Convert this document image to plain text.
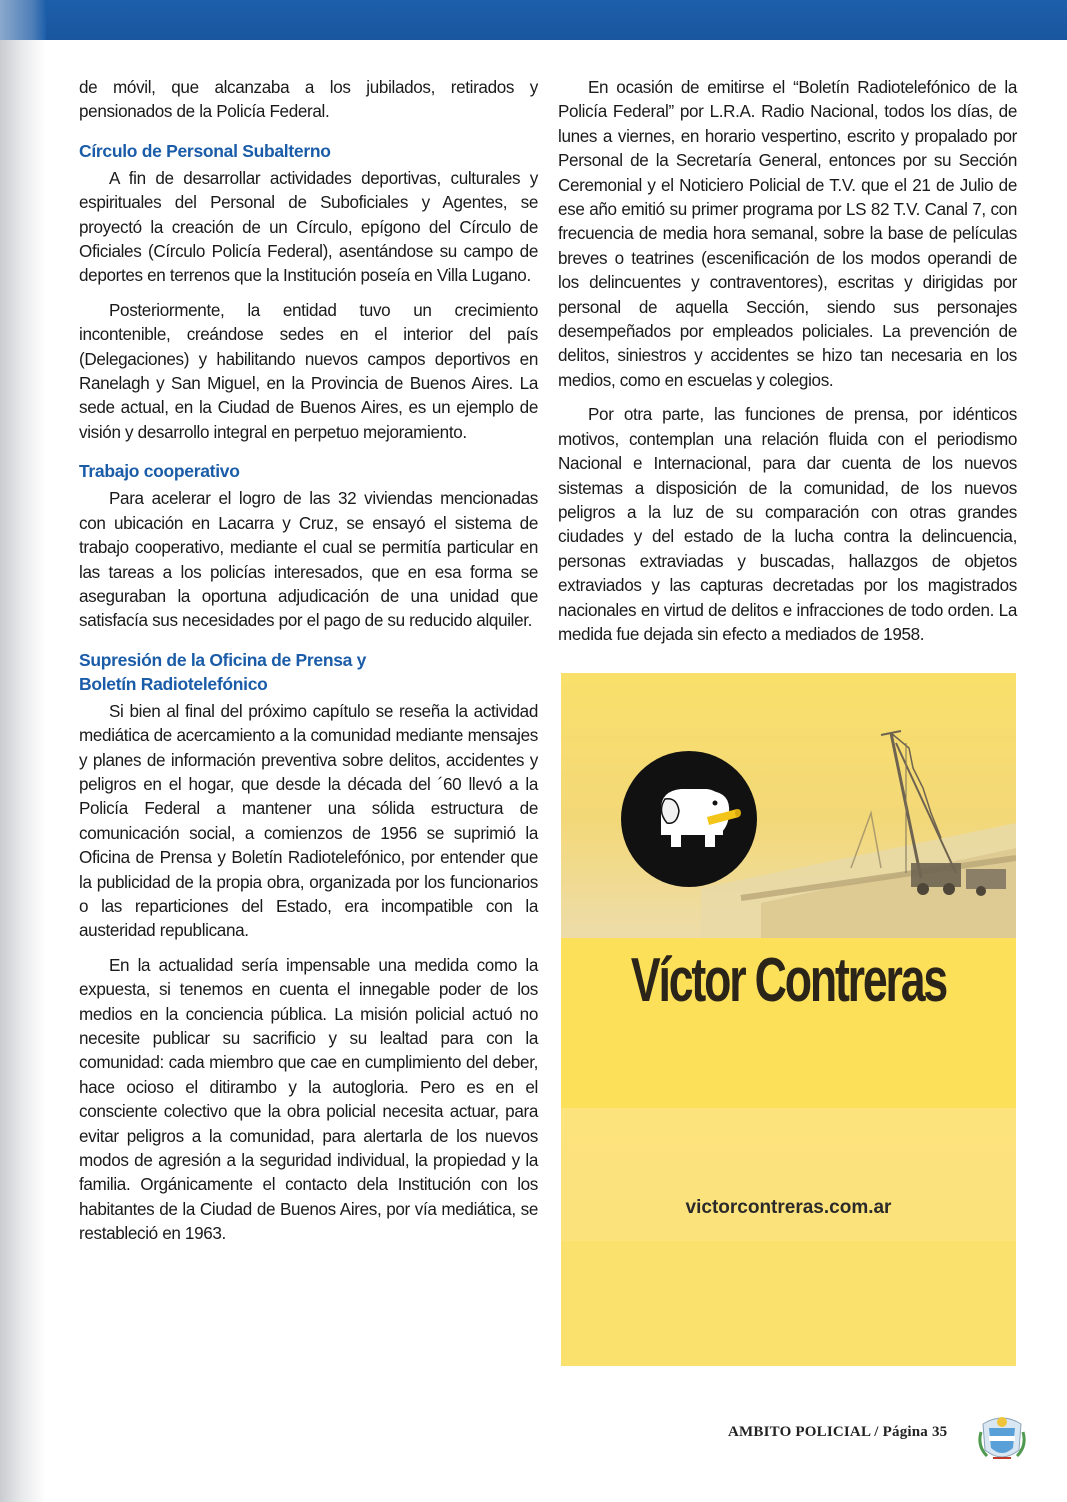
de móvil, que alcanzaba a los jubilados, retirados y pensionados de la Policía Federal.

Círculo de Personal Subalterno

A fin de desarrollar actividades deportivas, culturales y espirituales del Personal de Suboficiales y Agentes, se proyectó la creación de un Círculo, epígono del Círculo de Oficiales (Círculo Policía Federal), asentándose su campo de deportes en terrenos que la Institución poseía en Villa Lugano.

Posteriormente, la entidad tuvo un crecimiento incontenible, creándose sedes en el interior del país (Delegaciones) y habilitando nuevos campos deportivos en Ranelagh y San Miguel, en la Provincia de Buenos Aires. La sede actual, en la Ciudad de Buenos Aires, es un ejemplo de visión y desarrollo integral en perpetuo mejoramiento.

Trabajo cooperativo

Para acelerar el logro de las 32 viviendas mencionadas con ubicación en Lacarra y Cruz, se ensayó el sistema de trabajo cooperativo, mediante el cual se permitía particular en las tareas a los policías interesados, que en esa forma se aseguraban la oportuna adjudicación de una unidad que satisfacía sus necesidades por el pago de su reducido alquiler.

Supresión de la Oficina de Prensa y
Boletín Radiotelefónico

Si bien al final del próximo capítulo se reseña la actividad mediática de acercamiento a la comunidad mediante mensajes y planes de información preventiva sobre delitos, accidentes y peligros en el hogar, que desde la década del ´60 llevó a la Policía Federal a mantener una sólida estructura de comunicación social, a comienzos de 1956 se suprimió la Oficina de Prensa y Boletín Radiotelefónico, por entender que la publicidad de la propia obra, organizada por los funcionarios o las reparticiones del Estado, era incompatible con la austeridad republicana.

En la actualidad sería impensable una medida como la expuesta, si tenemos en cuenta el innegable poder de los medios en la conciencia pública. La misión policial actuó no necesite publicar su sacrificio y su lealtad para con la comunidad: cada miembro que cae en cumplimiento del deber, hace ocioso el ditirambo y la autogloria. Pero es en el consciente colectivo que la obra policial necesita actuar, para evitar peligros a la comunidad, para alertarla de los nuevos modos de agresión a la seguridad individual, la propiedad y la familia. Orgánicamente el contacto dela Institución con los habitantes de la Ciudad de Buenos Aires, por vía mediática, se restableció en 1963.

En ocasión de emitirse el “Boletín Radiotelefónico de la Policía Federal” por L.R.A. Radio Nacional, todos los días, de lunes a viernes, en horario vespertino, escrito y propalado por Personal de la Secretaría General, entonces por su Sección Ceremonial y el Noticiero Policial de T.V. que el 21 de Julio de ese año emitió su primer programa por LS 82 T.V. Canal 7, con frecuencia de media hora semanal, sobre la base de películas breves o teatrines (escenificación de los modos operandi de los delincuentes y contraventores), escritas y dirigidas por personal de aquella Sección, siendo sus personajes desempeñados por empleados policiales. La prevención de delitos, siniestros y accidentes se hizo tan necesaria en los medios, como en escuelas y colegios.

Por otra parte, las funciones de prensa, por idénticos motivos, contemplan una relación fluida con el periodismo Nacional e Internacional, para dar cuenta de los nuevos sistemas a disposición de la comunidad, de los nuevos peligros a la luz de su comparación con otras grandes ciudades y del estado de la lucha contra la delincuencia, personas extraviadas y buscadas, hallazgos de objetos extraviados y las capturas decretadas por los magistrados nacionales en virtud de delitos e infracciones de todo orden. La medida fue dejada sin efecto a mediados de 1958.

Víctor Contreras
victorcontreras.com.ar
AMBITO POLICIAL / Página 35
